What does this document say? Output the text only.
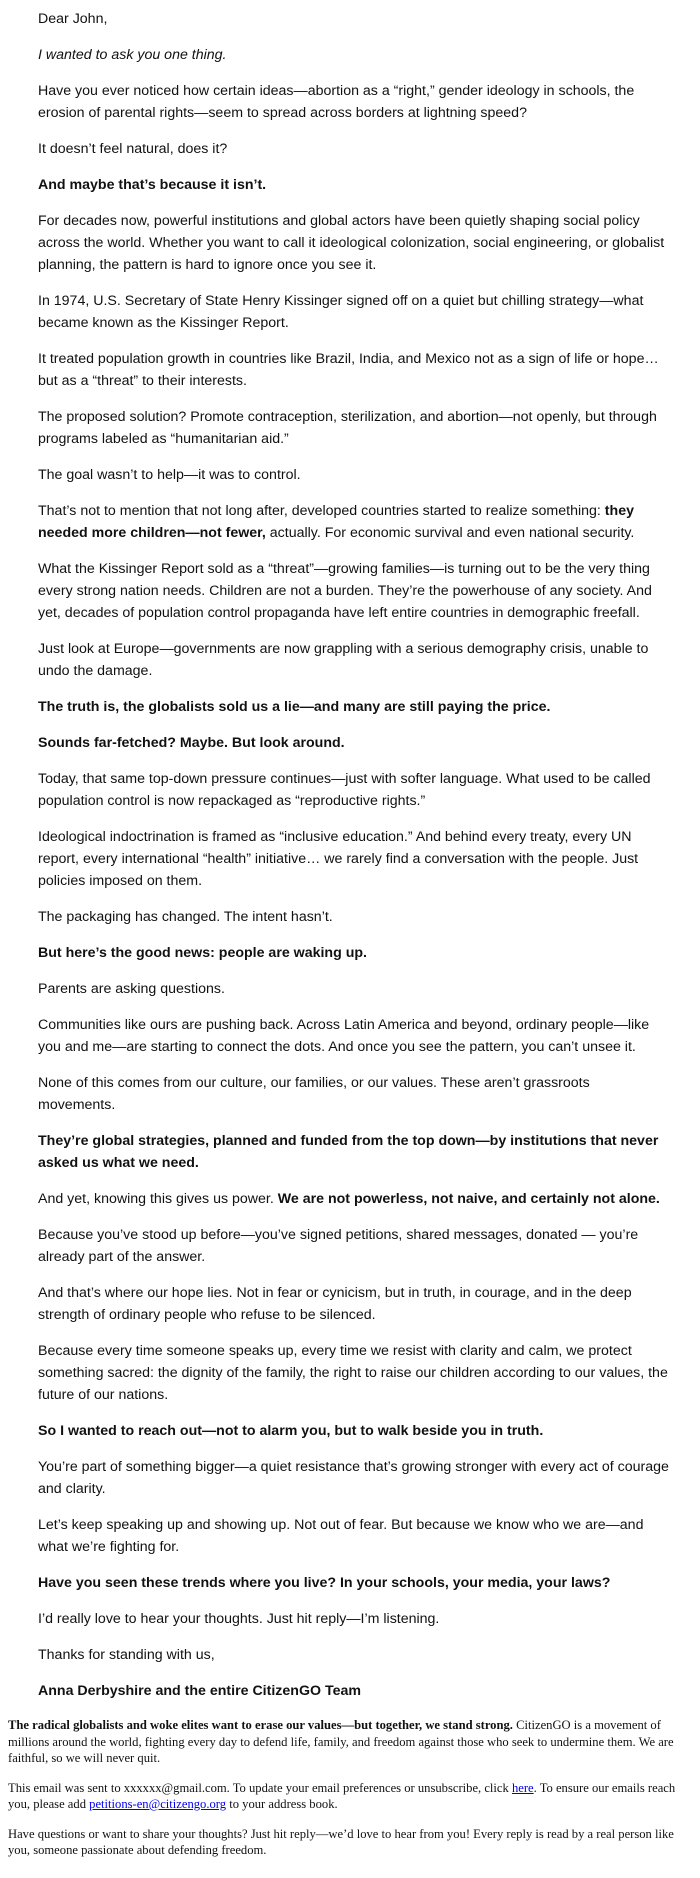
Dear John,

I wanted to ask you one thing.

Have you ever noticed how certain ideas—abortion as a “right,” gender ideology in schools, the erosion of parental rights—seem to spread across borders at lightning speed?

It doesn’t feel natural, does it?

And maybe that’s because it isn’t.

For decades now, powerful institutions and global actors have been quietly shaping social policy across the world. Whether you want to call it ideological colonization, social engineering, or globalist planning, the pattern is hard to ignore once you see it.

In 1974, U.S. Secretary of State Henry Kissinger signed off on a quiet but chilling strategy—what became known as the Kissinger Report.

It treated population growth in countries like Brazil, India, and Mexico not as a sign of life or hope… but as a “threat” to their interests.

The proposed solution? Promote contraception, sterilization, and abortion—not openly, but through programs labeled as “humanitarian aid.”

The goal wasn’t to help—it was to control.

That’s not to mention that not long after, developed countries started to realize something: they needed more children—not fewer, actually. For economic survival and even national security.

What the Kissinger Report sold as a “threat”—growing families—is turning out to be the very thing every strong nation needs. Children are not a burden. They’re the powerhouse of any society. And yet, decades of population control propaganda have left entire countries in demographic freefall.

Just look at Europe—governments are now grappling with a serious demography crisis, unable to undo the damage.

The truth is, the globalists sold us a lie—and many are still paying the price.

Sounds far-fetched? Maybe. But look around.

Today, that same top-down pressure continues—just with softer language. What used to be called population control is now repackaged as “reproductive rights.”

Ideological indoctrination is framed as “inclusive education.” And behind every treaty, every UN report, every international “health” initiative… we rarely find a conversation with the people. Just policies imposed on them.

The packaging has changed. The intent hasn’t.

But here’s the good news: people are waking up.

Parents are asking questions.

Communities like ours are pushing back. Across Latin America and beyond, ordinary people—like you and me—are starting to connect the dots. And once you see the pattern, you can’t unsee it.

None of this comes from our culture, our families, or our values. These aren’t grassroots movements.

They’re global strategies, planned and funded from the top down—by institutions that never asked us what we need.

And yet, knowing this gives us power. We are not powerless, not naive, and certainly not alone.

Because you’ve stood up before—you’ve signed petitions, shared messages, donated — you’re already part of the answer.

And that’s where our hope lies. Not in fear or cynicism, but in truth, in courage, and in the deep strength of ordinary people who refuse to be silenced.

Because every time someone speaks up, every time we resist with clarity and calm, we protect something sacred: the dignity of the family, the right to raise our children according to our values, the future of our nations.

So I wanted to reach out—not to alarm you, but to walk beside you in truth.

You’re part of something bigger—a quiet resistance that’s growing stronger with every act of courage and clarity.

Let’s keep speaking up and showing up. Not out of fear. But because we know who we are—and what we’re fighting for.

Have you seen these trends where you live? In your schools, your media, your laws?

I’d really love to hear your thoughts. Just hit reply—I’m listening.

Thanks for standing with us,

Anna Derbyshire and the entire CitizenGO Team

The radical globalists and woke elites want to erase our values—but together, we stand strong. CitizenGO is a movement of millions around the world, fighting every day to defend life, family, and freedom against those who seek to undermine them. We are faithful, so we will never quit.

This email was sent to xxxxxx@gmail.com. To update your email preferences or unsubscribe, click here. To ensure our emails reach you, please add petitions-en@citizengo.org to your address book.

Have questions or want to share your thoughts? Just hit reply—we’d love to hear from you! Every reply is read by a real person like you, someone passionate about defending freedom.
